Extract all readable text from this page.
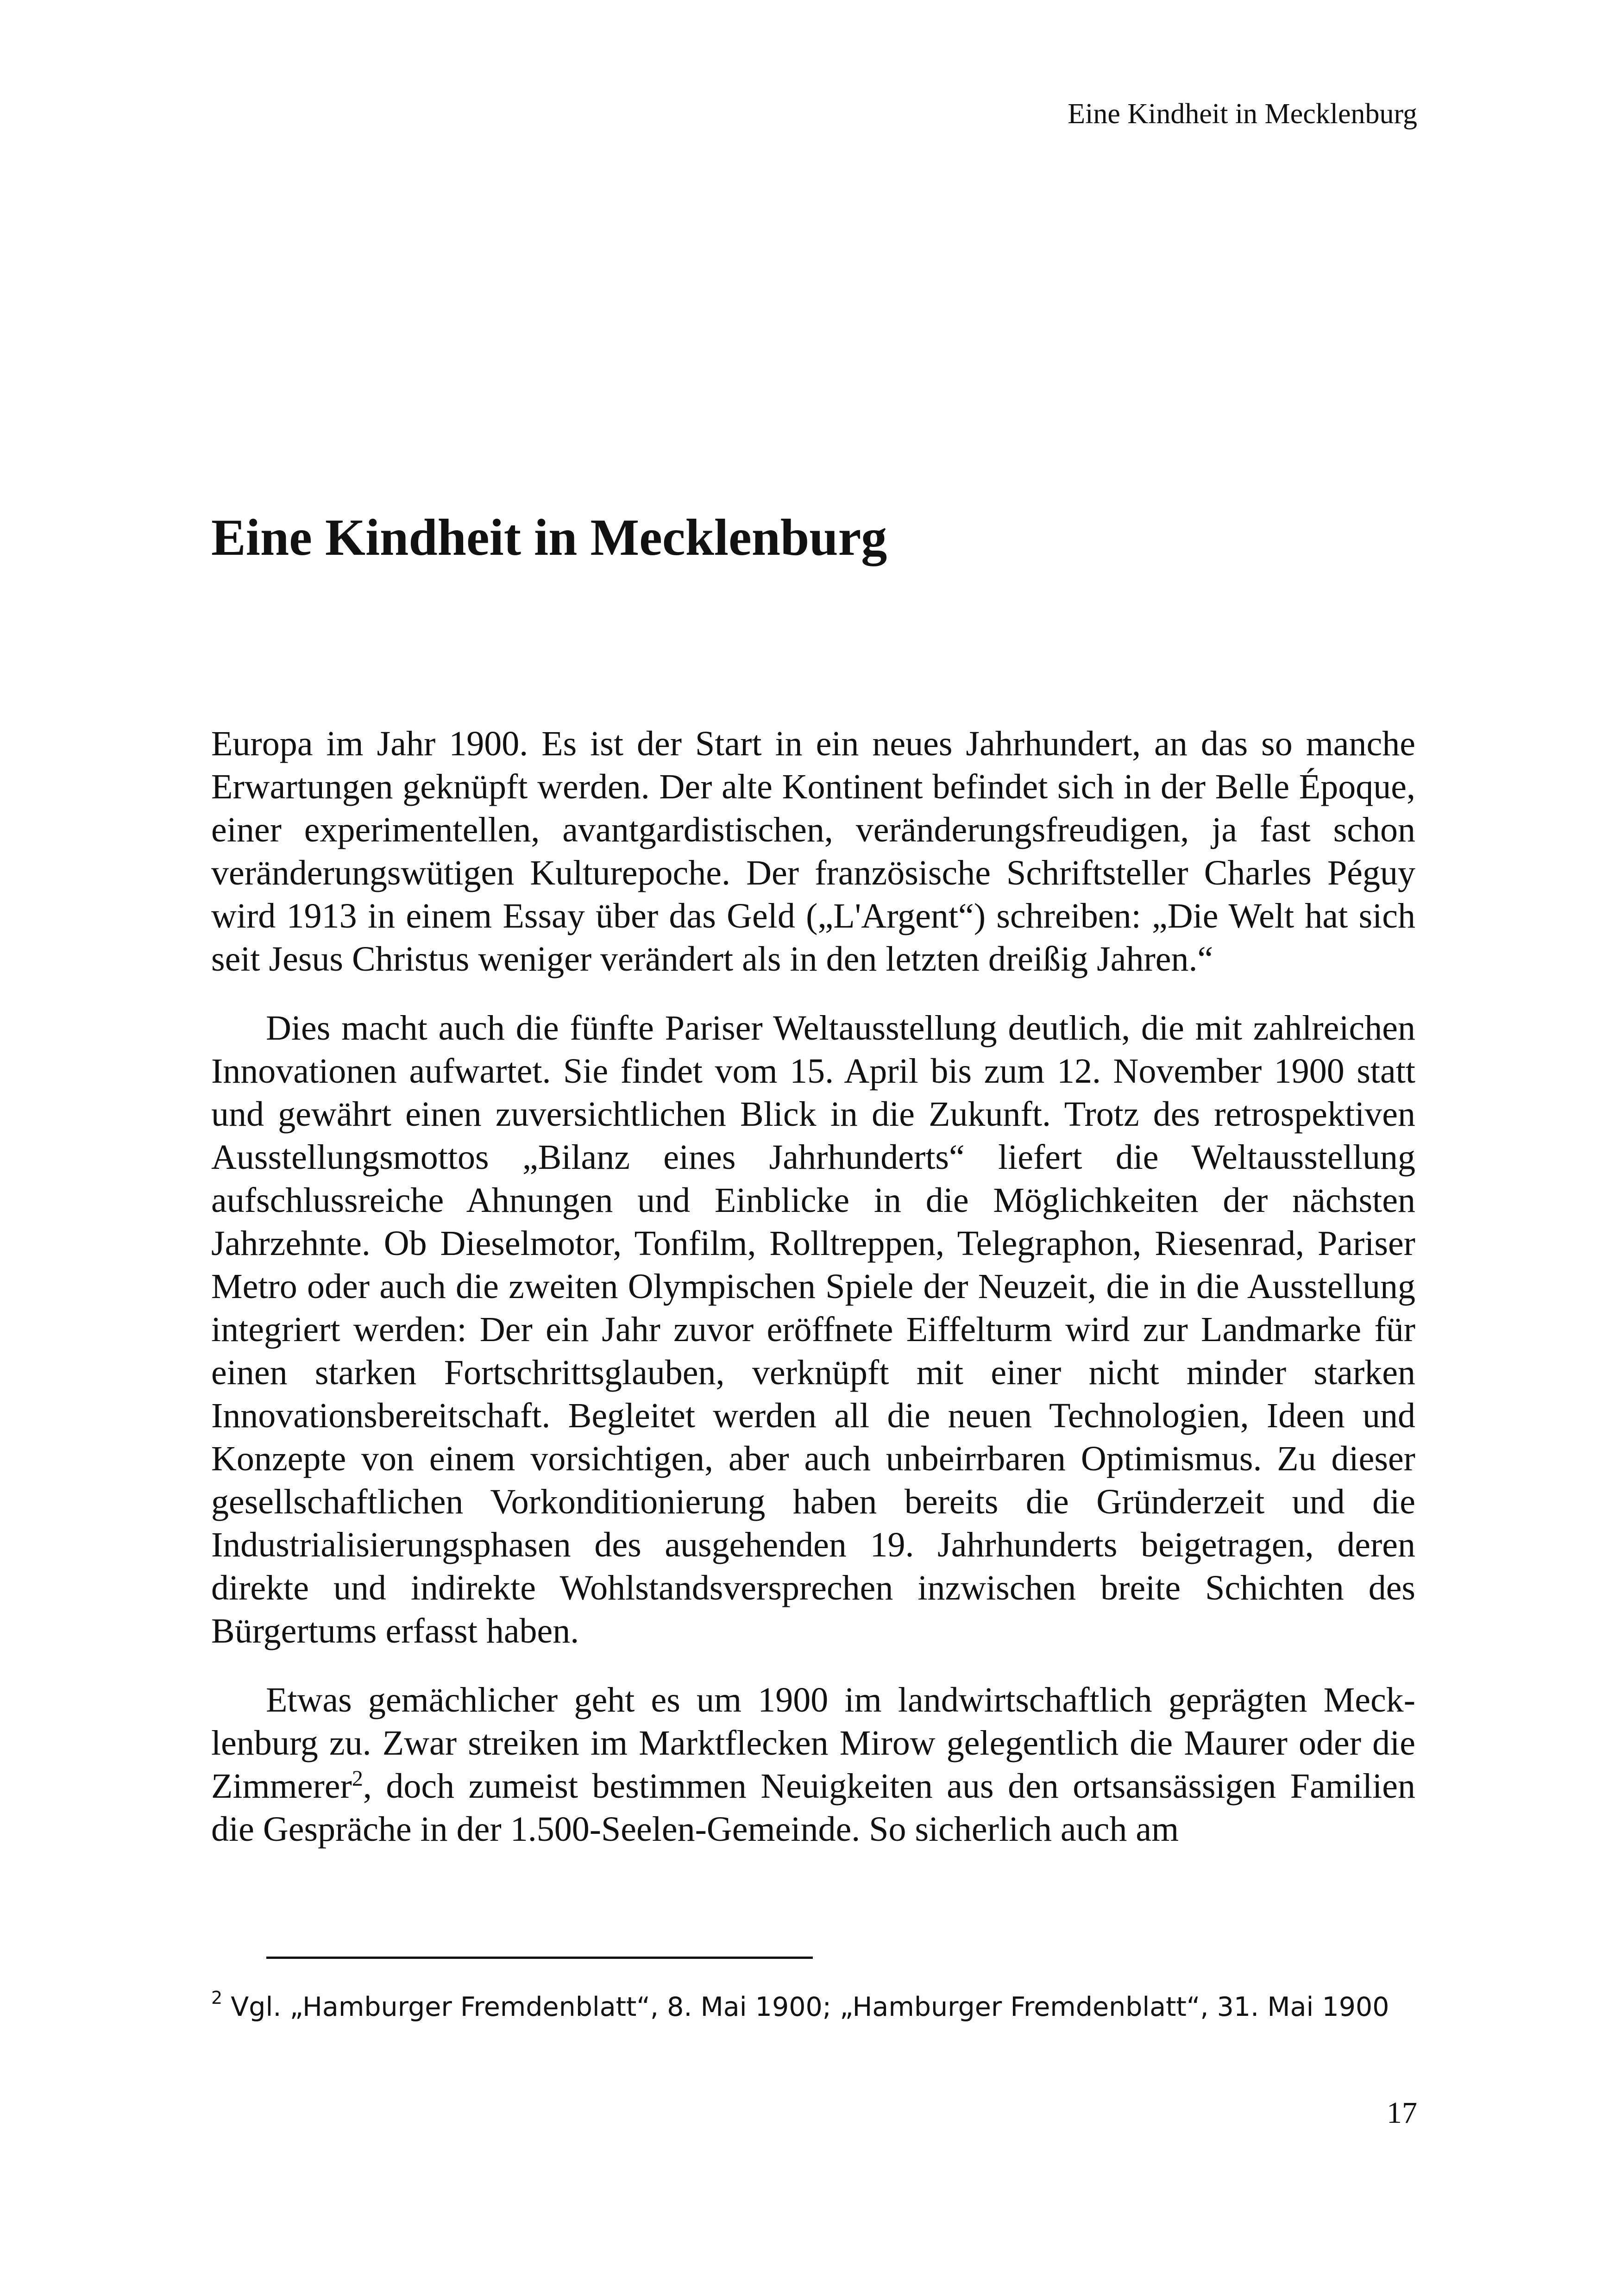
Eine Kindheit in Mecklenburg
Eine Kindheit in Mecklenburg

Europa im Jahr 1900. Es ist der Start in ein neues Jahrhundert, an das so manche Erwartungen geknüpft werden. Der alte Kontinent befindet sich in der Belle Époque, einer experimentellen, avantgardistischen, veränderungsfreudigen, ja fast schon veränderungswütigen Kulturepoche. Der französische Schriftsteller Charles Péguy wird 1913 in einem Essay über das Geld („L'Argent“) schreiben: „Die Welt hat sich seit Jesus Christus weniger verändert als in den letzten dreißig Jahren.“

Dies macht auch die fünfte Pariser Weltausstellung deutlich, die mit zahlreichen Innovationen aufwartet. Sie findet vom 15. April bis zum 12. November 1900 statt und gewährt einen zuversichtlichen Blick in die Zukunft. Trotz des retrospektiven Ausstellungsmottos „Bilanz eines Jahrhunderts“ liefert die Weltausstellung aufschlussreiche Ahnungen und Einblicke in die Möglichkeiten der nächsten Jahrzehnte. Ob Dieselmotor, Tonfilm, Rolltreppen, Telegraphon, Riesenrad, Pariser Metro oder auch die zweiten Olympischen Spiele der Neuzeit, die in die Ausstellung integriert werden: Der ein Jahr zuvor eröffnete Eiffelturm wird zur Landmarke für einen starken Fortschrittsglauben, verknüpft mit einer nicht minder starken Innovationsbereitschaft. Begleitet werden all die neuen Technologien, Ideen und Konzepte von einem vorsichtigen, aber auch unbeirrbaren Optimismus. Zu dieser gesellschaftlichen Vorkonditionierung haben bereits die Gründerzeit und die Industrialisierungsphasen des ausgehenden 19. Jahrhunderts beigetragen, deren direkte und indirekte Wohlstandsversprechen inzwischen breite Schichten des Bürgertums erfasst haben.

Etwas gemächlicher geht es um 1900 im landwirtschaftlich geprägten Mecklenburg zu. Zwar streiken im Marktflecken Mirow gelegentlich die Maurer oder die Zimmerer$^2$, doch zumeist bestimmen Neuigkeiten aus den ortsansässigen Familien die Gespräche in der 1.500-Seelen-Gemeinde. So sicherlich auch am

$^2$ Vgl. „Hamburger Fremdenblatt“, 8. Mai 1900; „Hamburger Fremdenblatt“, 31. Mai 1900
17
